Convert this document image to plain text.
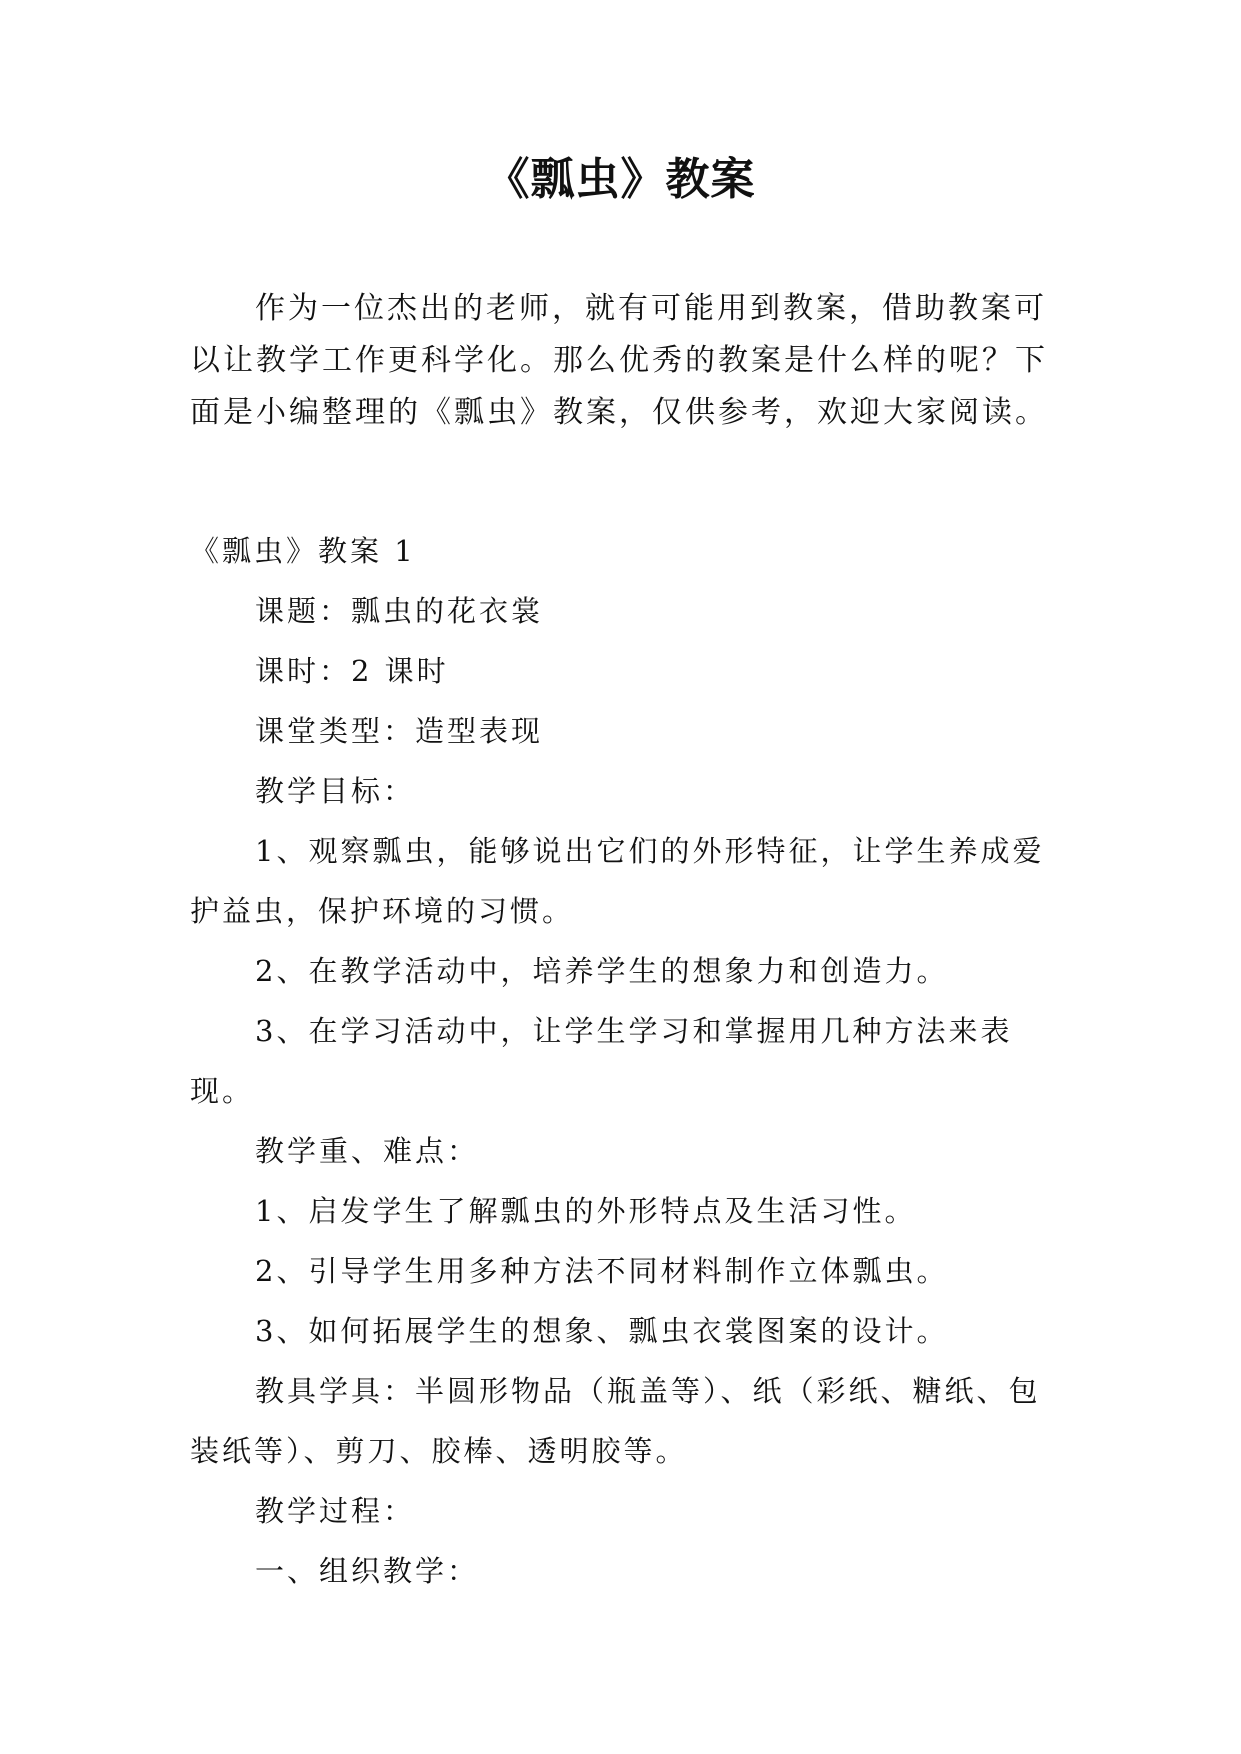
《瓢虫》教案

作为一位杰出的老师，就有可能用到教案，借助教案可以让教学工作更科学化。那么优秀的教案是什么样的呢？下面是小编整理的《瓢虫》教案，仅供参考，欢迎大家阅读。

《瓢虫》教案 1

课题：瓢虫的花衣裳

课时：2 课时

课堂类型：造型表现

教学目标：

1、观察瓢虫，能够说出它们的外形特征，让学生养成爱护益虫，保护环境的习惯。

2、在教学活动中，培养学生的想象力和创造力。

3、在学习活动中，让学生学习和掌握用几种方法来表现。

教学重、难点：

1、启发学生了解瓢虫的外形特点及生活习性。

2、引导学生用多种方法不同材料制作立体瓢虫。

3、如何拓展学生的想象、瓢虫衣裳图案的设计。

教具学具：半圆形物品（瓶盖等）、纸（彩纸、糖纸、包装纸等）、剪刀、胶棒、透明胶等。

教学过程：

一、组织教学：
